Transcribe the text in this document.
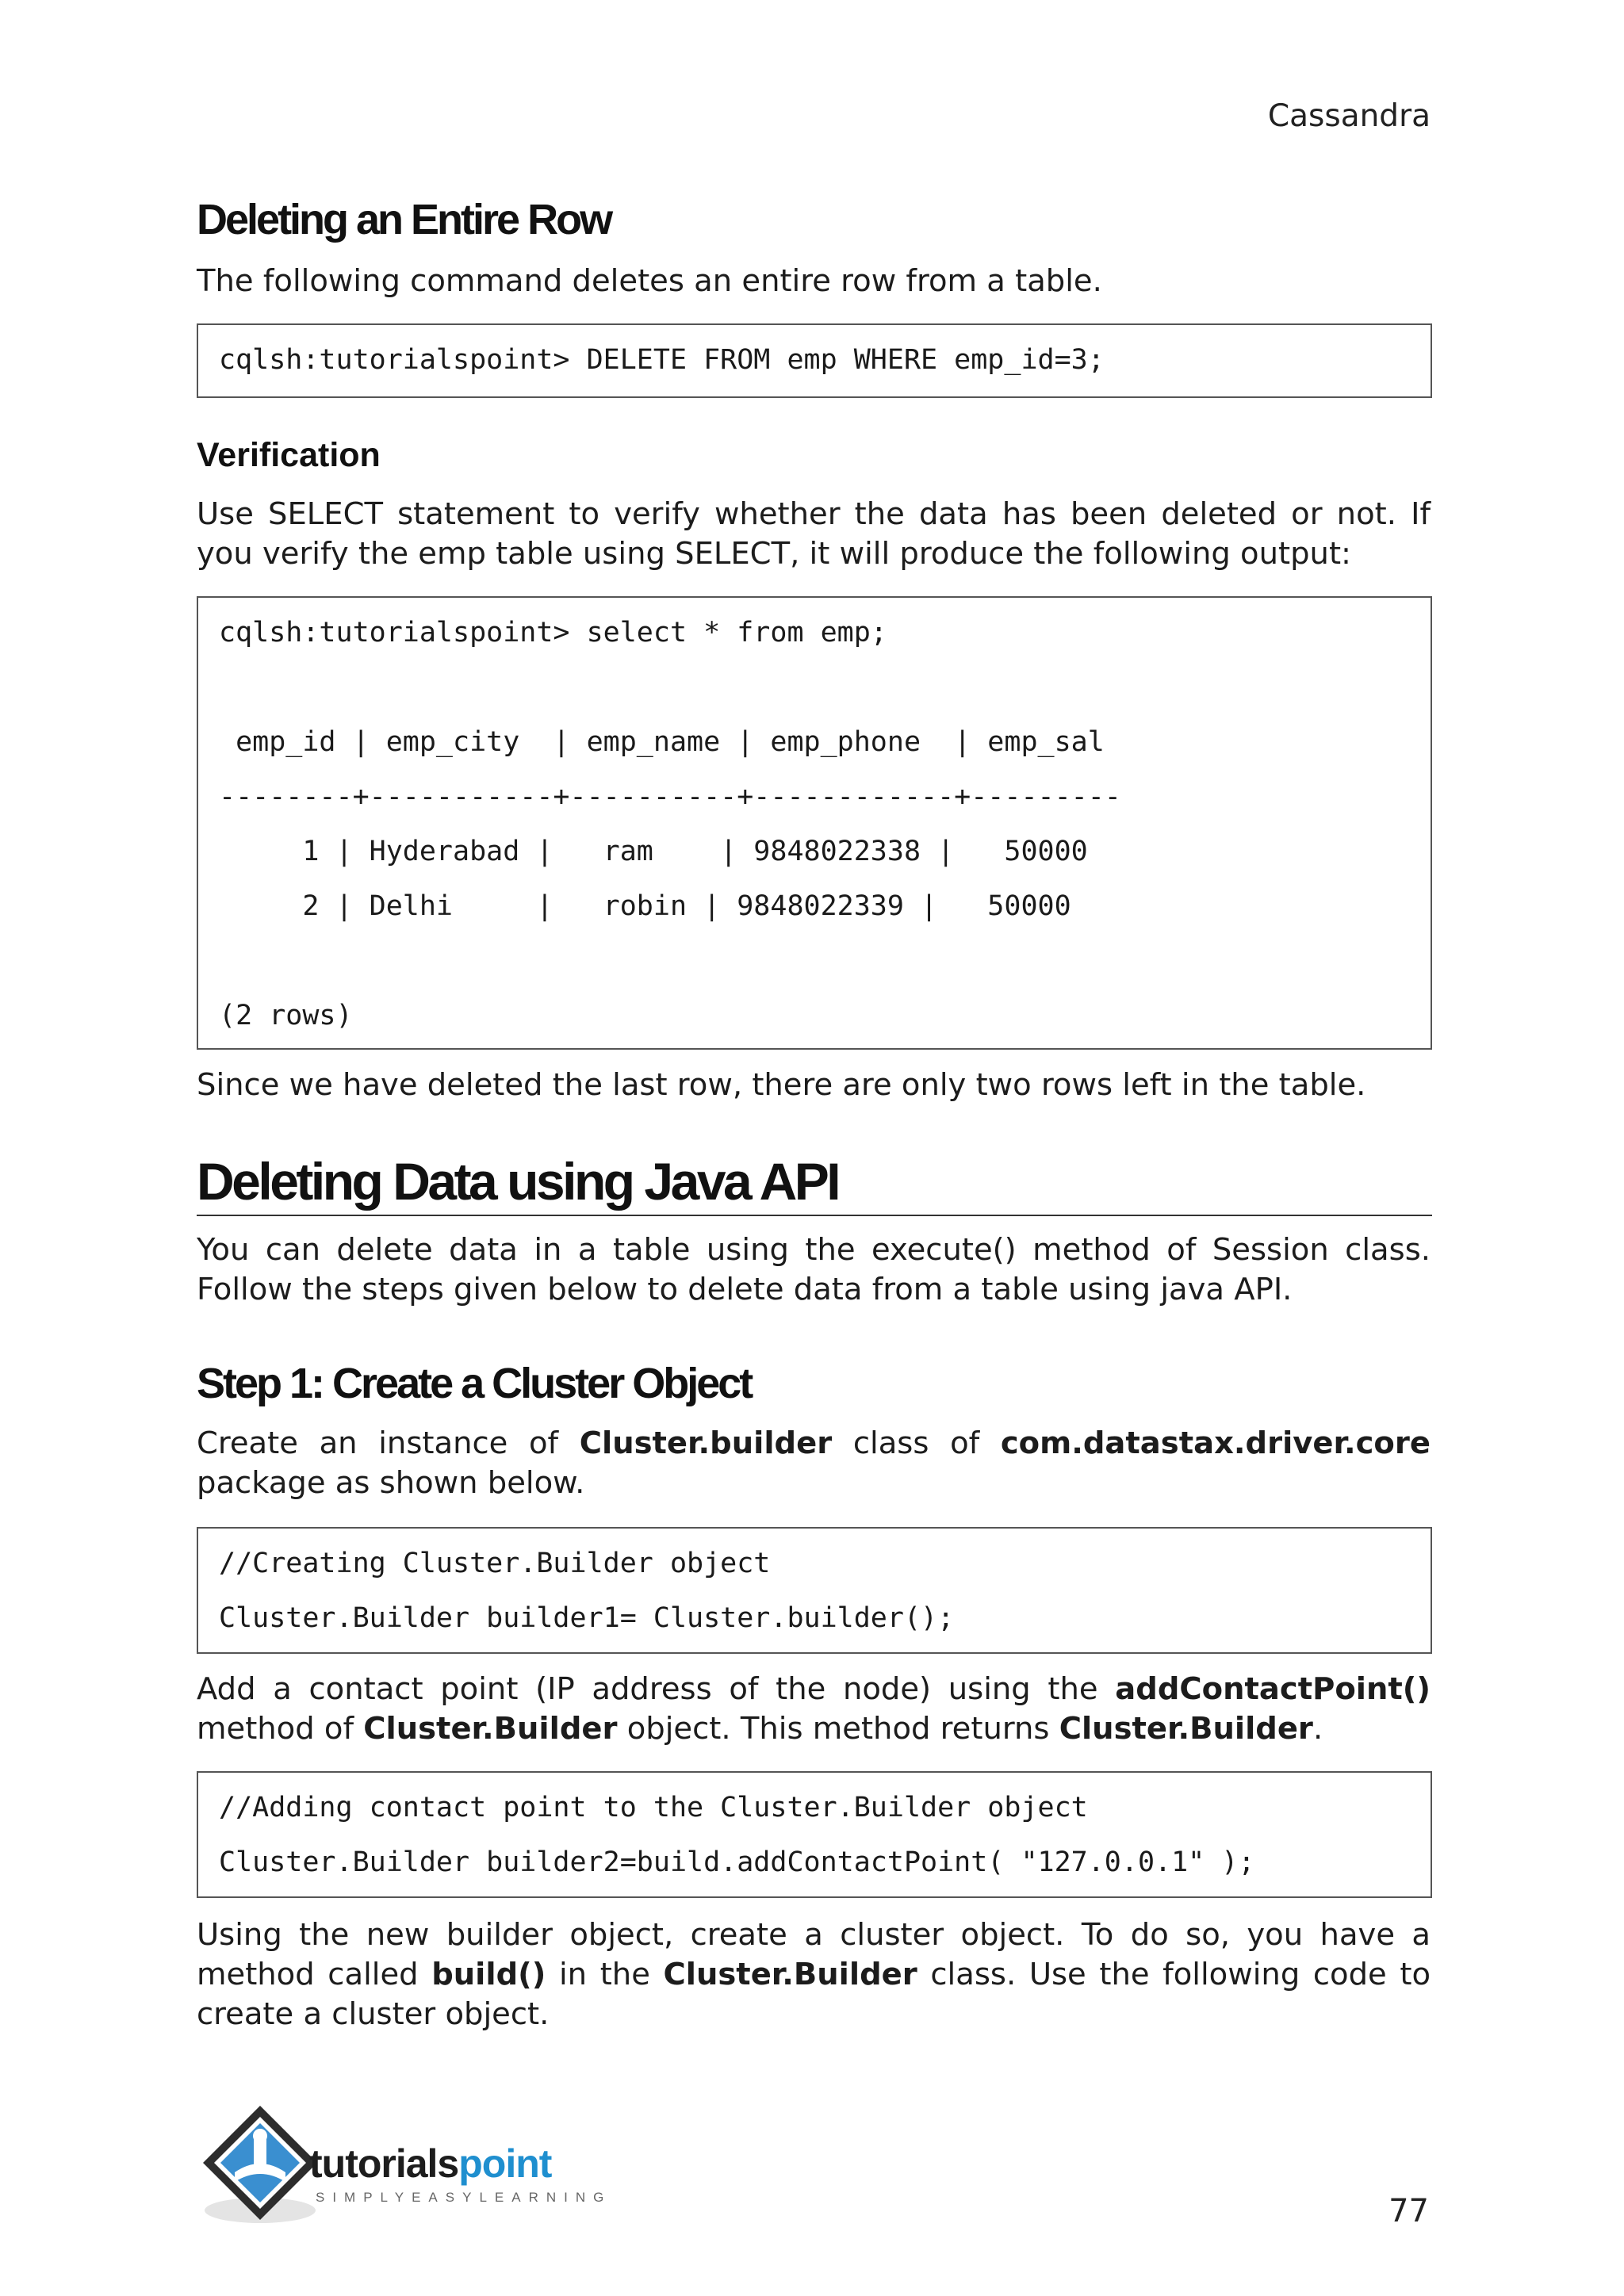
Cassandra
Deleting an Entire Row

The following command deletes an entire row from a table.

cqlsh:tutorialspoint> DELETE FROM emp WHERE emp_id=3;
Verification

Use SELECT statement to verify whether the data has been deleted or not. If you verify the emp table using SELECT, it will produce the following output:

cqlsh:tutorialspoint> select * from emp;
emp_id | emp_city  | emp_name | emp_phone  | emp_sal
--------+-----------+----------+------------+---------
1 | Hyderabad |   ram    | 9848022338 |   50000
2 | Delhi     |   robin | 9848022339 |   50000
(2 rows)

Since we have deleted the last row, there are only two rows left in the table.

Deleting Data using Java API

You can delete data in a table using the execute() method of Session class. Follow the steps given below to delete data from a table using java API.

Step 1: Create a Cluster Object

Create an instance of Cluster.builder class of com.datastax.driver.core package as shown below.

//Creating Cluster.Builder object
Cluster.Builder builder1= Cluster.builder();

Add a contact point (IP address of the node) using the addContactPoint() method of Cluster.Builder object. This method returns Cluster.Builder.

//Adding contact point to the Cluster.Builder object
Cluster.Builder builder2=build.addContactPoint( "127.0.0.1" );

Using the new builder object, create a cluster object. To do so, you have a method called build() in the Cluster.Builder class. Use the following code to create a cluster object.

tutorialspoint
SIMPLYEASYLEARNING	77
